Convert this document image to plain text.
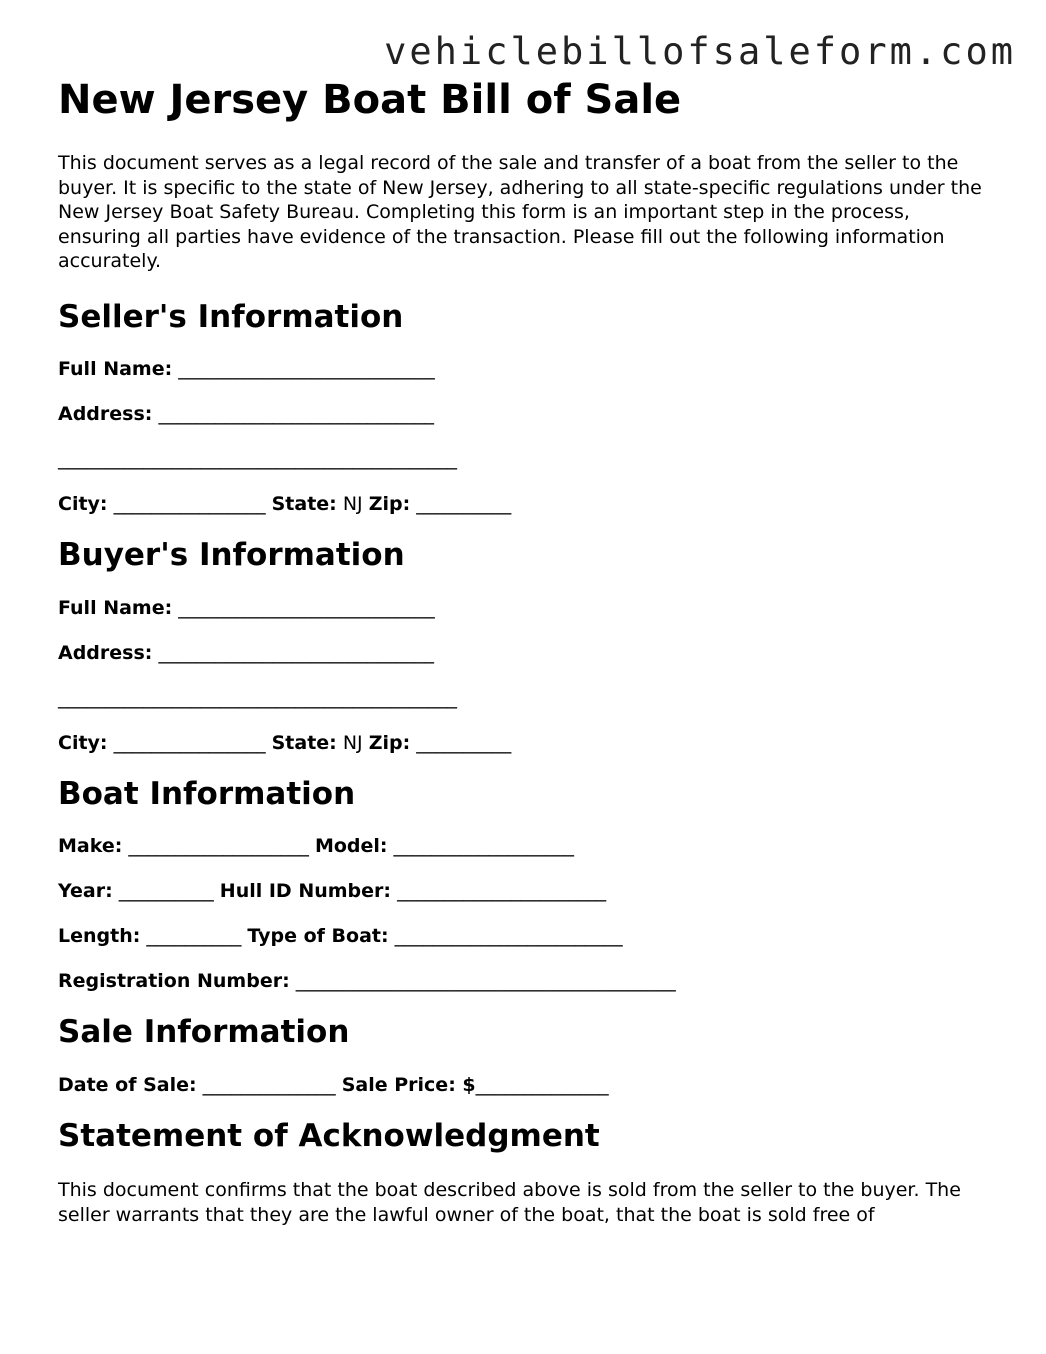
vehiclebillofsaleform.com
New Jersey Boat Bill of Sale

This document serves as a legal record of the sale and transfer of a boat from the seller to the buyer. It is specific to the state of New Jersey, adhering to all state-specific regulations under the New Jersey Boat Safety Bureau. Completing this form is an important step in the process, ensuring all parties have evidence of the transaction. Please fill out the following information accurately.

Seller's Information
Full Name: ___________________________
Address: _____________________________
__________________________________________
City: ________________ State: NJ Zip: __________
Buyer's Information
Full Name: ___________________________
Address: _____________________________
__________________________________________
City: ________________ State: NJ Zip: __________
Boat Information
Make: ___________________ Model: ___________________
Year: __________ Hull ID Number: ______________________
Length: __________ Type of Boat: ________________________
Registration Number: ________________________________________
Sale Information
Date of Sale: ______________ Sale Price: $______________
Statement of Acknowledgment

This document confirms that the boat described above is sold from the seller to the buyer. The seller warrants that they are the lawful owner of the boat, that the boat is sold free of
